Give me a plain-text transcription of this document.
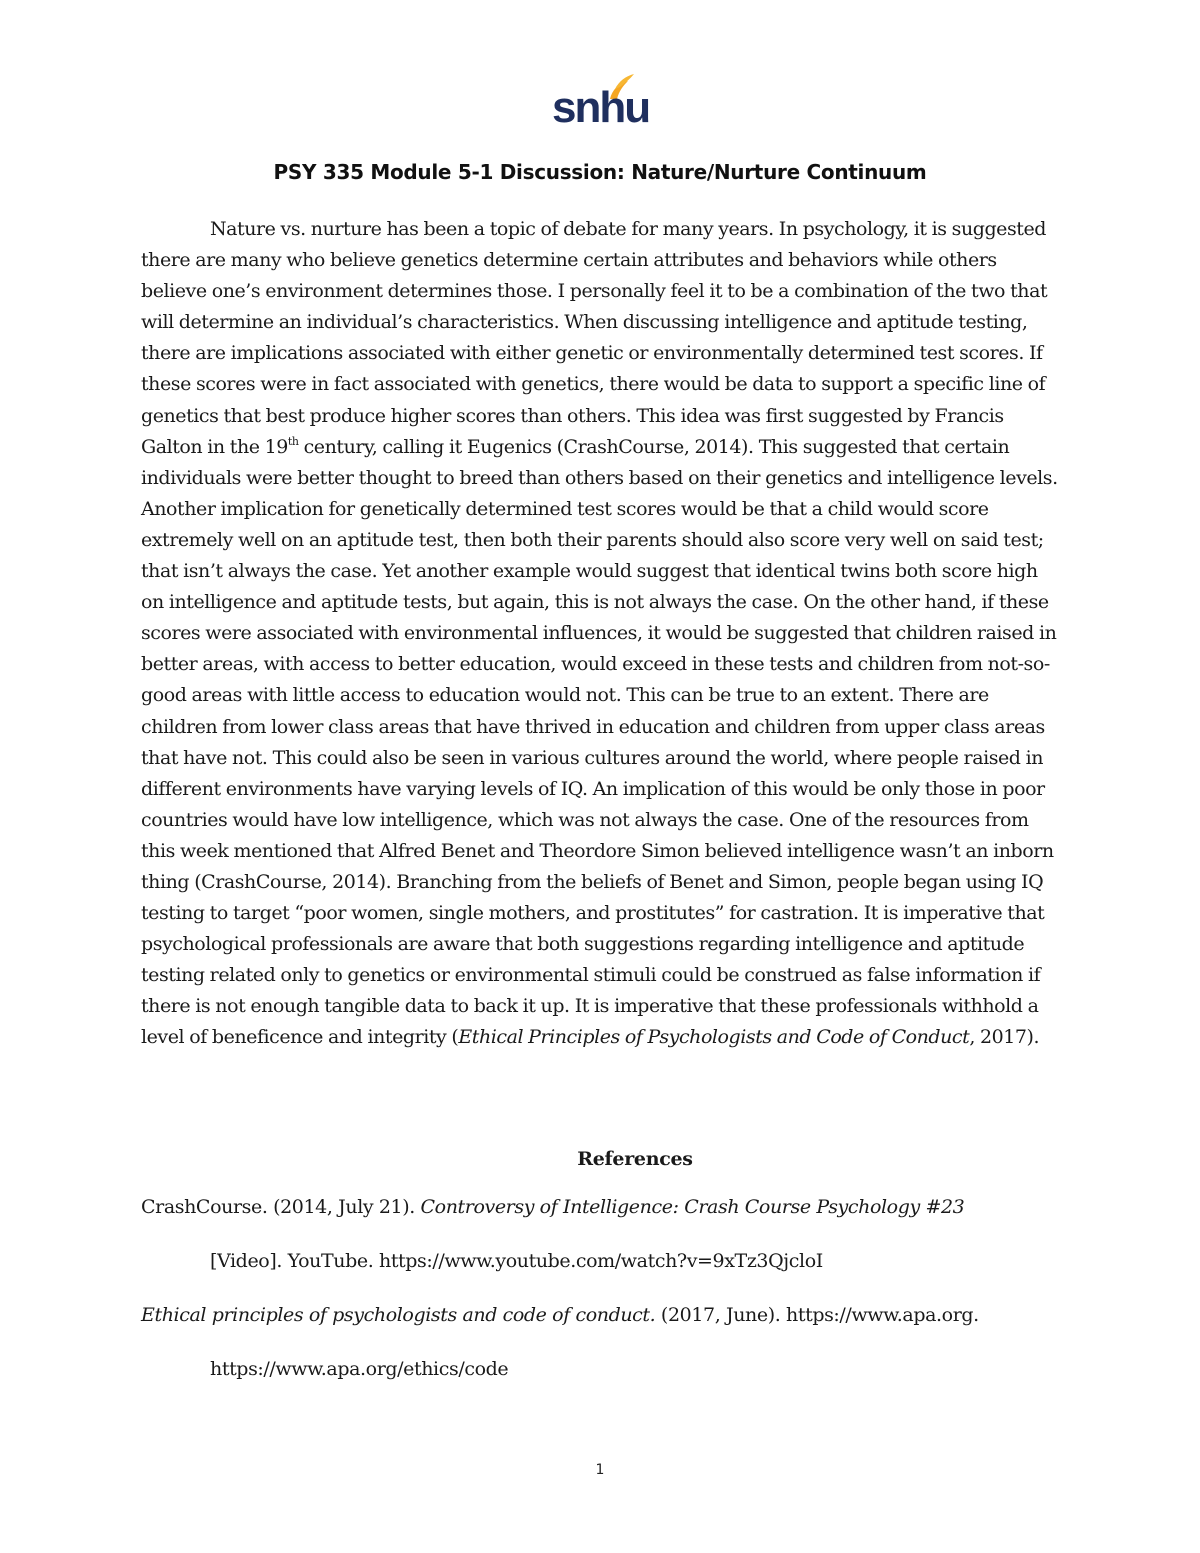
snhu
PSY 335 Module 5-1 Discussion: Nature/Nurture Continuum

Nature vs. nurture has been a topic of debate for many years. In psychology, it is suggested there are many who believe genetics determine certain attributes and behaviors while others believe one’s environment determines those. I personally feel it to be a combination of the two that will determine an individual’s characteristics. When discussing intelligence and aptitude testing, there are implications associated with either genetic or environmentally determined test scores. If these scores were in fact associated with genetics, there would be data to support a specific line of genetics that best produce higher scores than others. This idea was first suggested by Francis Galton in the 19th century, calling it Eugenics (CrashCourse, 2014). This suggested that certain individuals were better thought to breed than others based on their genetics and intelligence levels. Another implication for genetically determined test scores would be that a child would score extremely well on an aptitude test, then both their parents should also score very well on said test; that isn’t always the case. Yet another example would suggest that identical twins both score high on intelligence and aptitude tests, but again, this is not always the case. On the other hand, if these scores were associated with environmental influences, it would be suggested that children raised in better areas, with access to better education, would exceed in these tests and children from not-so-good areas with little access to education would not. This can be true to an extent. There are children from lower class areas that have thrived in education and children from upper class areas that have not. This could also be seen in various cultures around the world, where people raised in different environments have varying levels of IQ. An implication of this would be only those in poor countries would have low intelligence, which was not always the case. One of the resources from this week mentioned that Alfred Benet and Theordore Simon believed intelligence wasn’t an inborn thing (CrashCourse, 2014). Branching from the beliefs of Benet and Simon, people began using IQ testing to target “poor women, single mothers, and prostitutes” for castration. It is imperative that psychological professionals are aware that both suggestions regarding intelligence and aptitude testing related only to genetics or environmental stimuli could be construed as false information if there is not enough tangible data to back it up. It is imperative that these professionals withhold a level of beneficence and integrity (Ethical Principles of Psychologists and Code of Conduct, 2017).

References
CrashCourse. (2014, July 21). Controversy of Intelligence: Crash Course Psychology #23
[Video]. YouTube. https://www.youtube.com/watch?v=9xTz3QjcloI
Ethical principles of psychologists and code of conduct. (2017, June). https://www.apa.org.
https://www.apa.org/ethics/code

1
